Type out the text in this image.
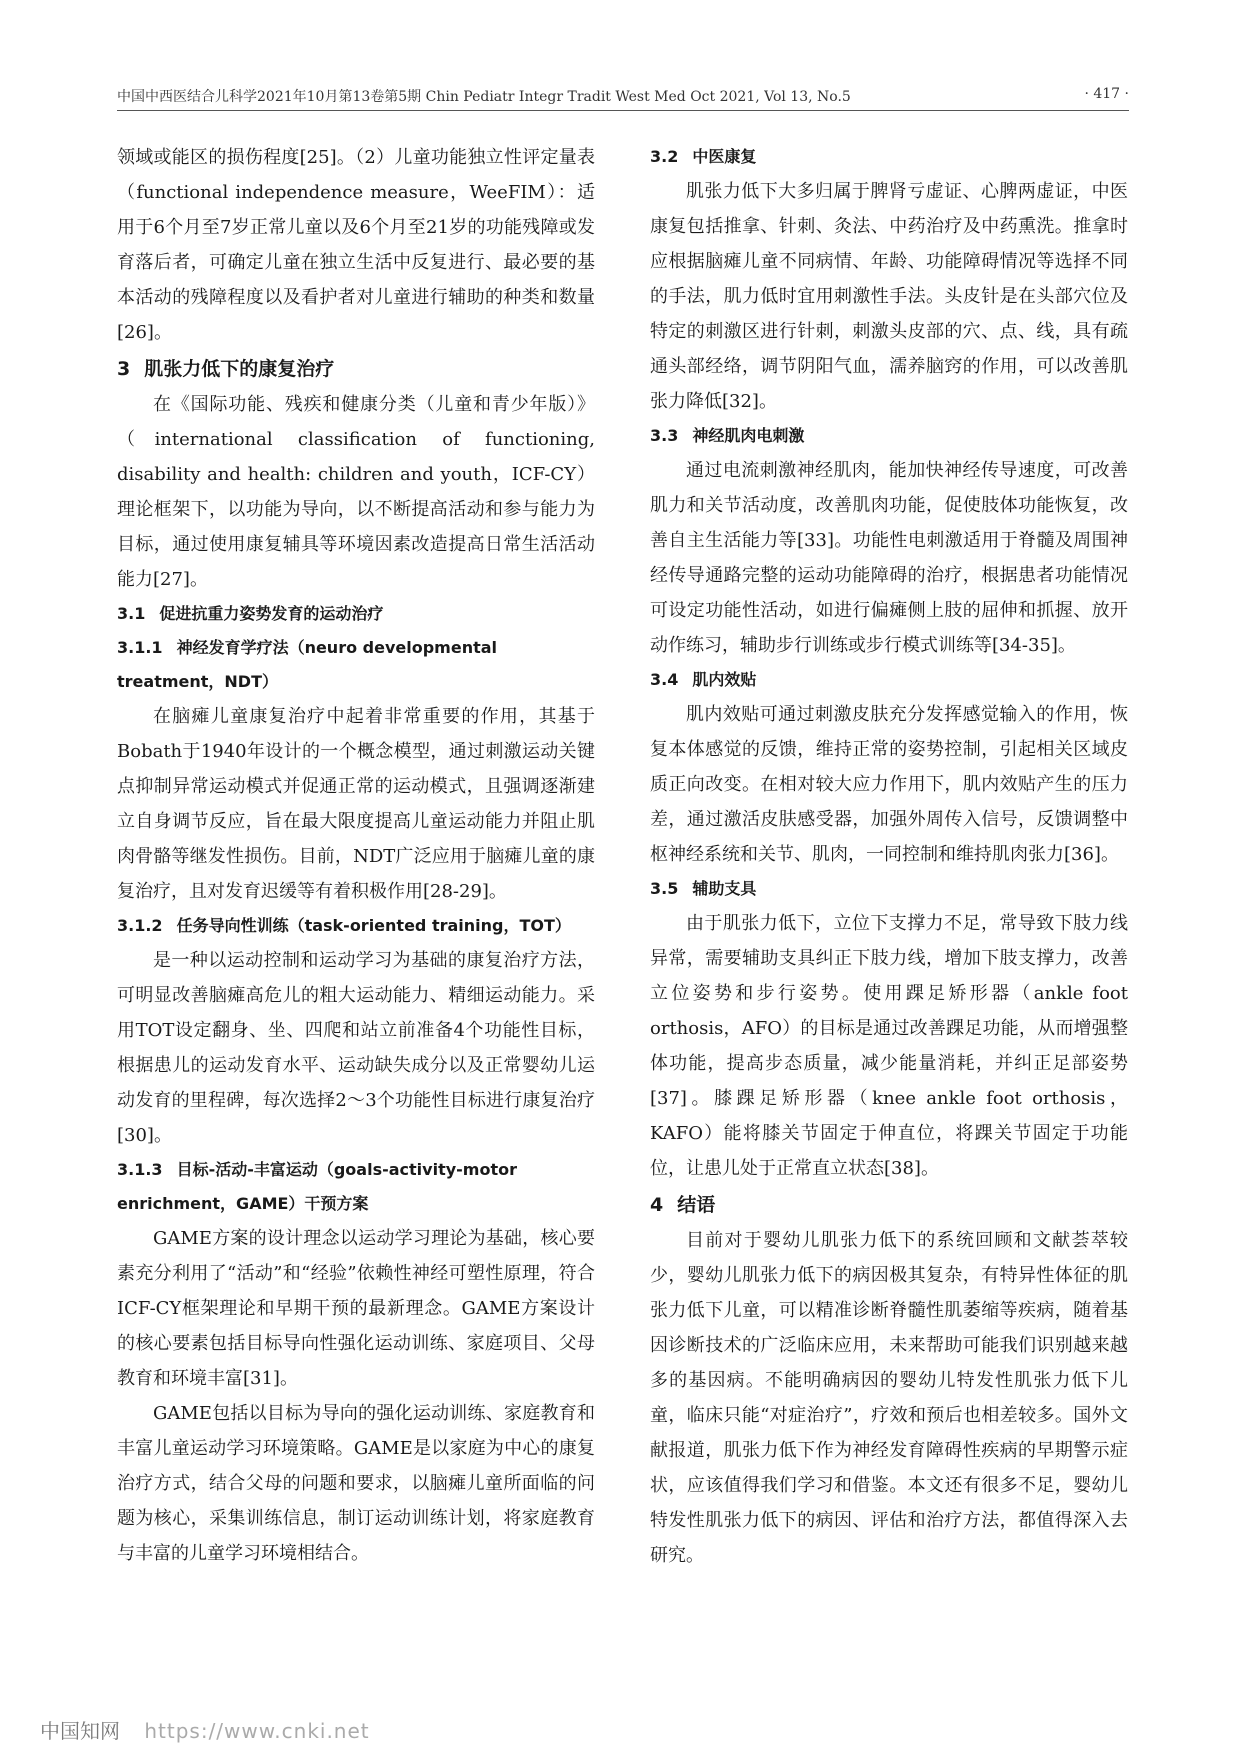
中国中西医结合儿科学2021年10月第13卷第5期 Chin Pediatr Integr Tradit West Med Oct 2021, Vol 13, No.5	· 417 ·

领域或能区的损伤程度[25]。（2）儿童功能独立性评定量表（functional independence measure，WeeFIM）：适用于6个月至7岁正常儿童以及6个月至21岁的功能残障或发育落后者，可确定儿童在独立生活中反复进行、最必要的基本活动的残障程度以及看护者对儿童进行辅助的种类和数量[26]。

3 肌张力低下的康复治疗

在《国际功能、残疾和健康分类（儿童和青少年版）》（international classification of functioning, disability and health: children and youth，ICF-CY）理论框架下，以功能为导向，以不断提高活动和参与能力为目标，通过使用康复辅具等环境因素改造提高日常生活活动能力[27]。

3.1 促进抗重力姿势发育的运动治疗
3.1.1 神经发育学疗法（neuro developmental treatment，NDT）

在脑瘫儿童康复治疗中起着非常重要的作用，其基于Bobath于1940年设计的一个概念模型，通过刺激运动关键点抑制异常运动模式并促通正常的运动模式，且强调逐渐建立自身调节反应，旨在最大限度提高儿童运动能力并阻止肌肉骨骼等继发性损伤。目前，NDT广泛应用于脑瘫儿童的康复治疗，且对发育迟缓等有着积极作用[28-29]。

3.1.2 任务导向性训练（task-oriented training，TOT）

是一种以运动控制和运动学习为基础的康复治疗方法，可明显改善脑瘫高危儿的粗大运动能力、精细运动能力。采用TOT设定翻身、坐、四爬和站立前准备4个功能性目标，根据患儿的运动发育水平、运动缺失成分以及正常婴幼儿运动发育的里程碑，每次选择2～3个功能性目标进行康复治疗[30]。

3.1.3 目标-活动-丰富运动（goals-activity-motor enrichment，GAME）干预方案

GAME方案的设计理念以运动学习理论为基础，核心要素充分利用了“活动”和“经验”依赖性神经可塑性原理，符合ICF-CY框架理论和早期干预的最新理念。GAME方案设计的核心要素包括目标导向性强化运动训练、家庭项目、父母教育和环境丰富[31]。

GAME包括以目标为导向的强化运动训练、家庭教育和丰富儿童运动学习环境策略。GAME是以家庭为中心的康复治疗方式，结合父母的问题和要求，以脑瘫儿童所面临的问题为核心，采集训练信息，制订运动训练计划，将家庭教育与丰富的儿童学习环境相结合。

3.2 中医康复

肌张力低下大多归属于脾肾亏虚证、心脾两虚证，中医康复包括推拿、针刺、灸法、中药治疗及中药熏洗。推拿时应根据脑瘫儿童不同病情、年龄、功能障碍情况等选择不同的手法，肌力低时宜用刺激性手法。头皮针是在头部穴位及特定的刺激区进行针刺，刺激头皮部的穴、点、线，具有疏通头部经络，调节阴阳气血，濡养脑窍的作用，可以改善肌张力降低[32]。

3.3 神经肌肉电刺激

通过电流刺激神经肌肉，能加快神经传导速度，可改善肌力和关节活动度，改善肌肉功能，促使肢体功能恢复，改善自主生活能力等[33]。功能性电刺激适用于脊髓及周围神经传导通路完整的运动功能障碍的治疗，根据患者功能情况可设定功能性活动，如进行偏瘫侧上肢的屈伸和抓握、放开动作练习，辅助步行训练或步行模式训练等[34-35]。

3.4 肌内效贴

肌内效贴可通过刺激皮肤充分发挥感觉输入的作用，恢复本体感觉的反馈，维持正常的姿势控制，引起相关区域皮质正向改变。在相对较大应力作用下，肌内效贴产生的压力差，通过激活皮肤感受器，加强外周传入信号，反馈调整中枢神经系统和关节、肌肉，一同控制和维持肌肉张力[36]。

3.5 辅助支具

由于肌张力低下，立位下支撑力不足，常导致下肢力线异常，需要辅助支具纠正下肢力线，增加下肢支撑力，改善立位姿势和步行姿势。使用踝足矫形器（ankle foot orthosis，AFO）的目标是通过改善踝足功能，从而增强整体功能，提高步态质量，减少能量消耗，并纠正足部姿势[37]。膝踝足矫形器（knee ankle foot orthosis，KAFO）能将膝关节固定于伸直位，将踝关节固定于功能位，让患儿处于正常直立状态[38]。

4 结语

目前对于婴幼儿肌张力低下的系统回顾和文献荟萃较少，婴幼儿肌张力低下的病因极其复杂，有特异性体征的肌张力低下儿童，可以精准诊断脊髓性肌萎缩等疾病，随着基因诊断技术的广泛临床应用，未来帮助可能我们识别越来越多的基因病。不能明确病因的婴幼儿特发性肌张力低下儿童，临床只能“对症治疗”，疗效和预后也相差较多。国外文献报道，肌张力低下作为神经发育障碍性疾病的早期警示症状，应该值得我们学习和借鉴。本文还有很多不足，婴幼儿特发性肌张力低下的病因、评估和治疗方法，都值得深入去研究。

中国知网 https://www.cnki.net
